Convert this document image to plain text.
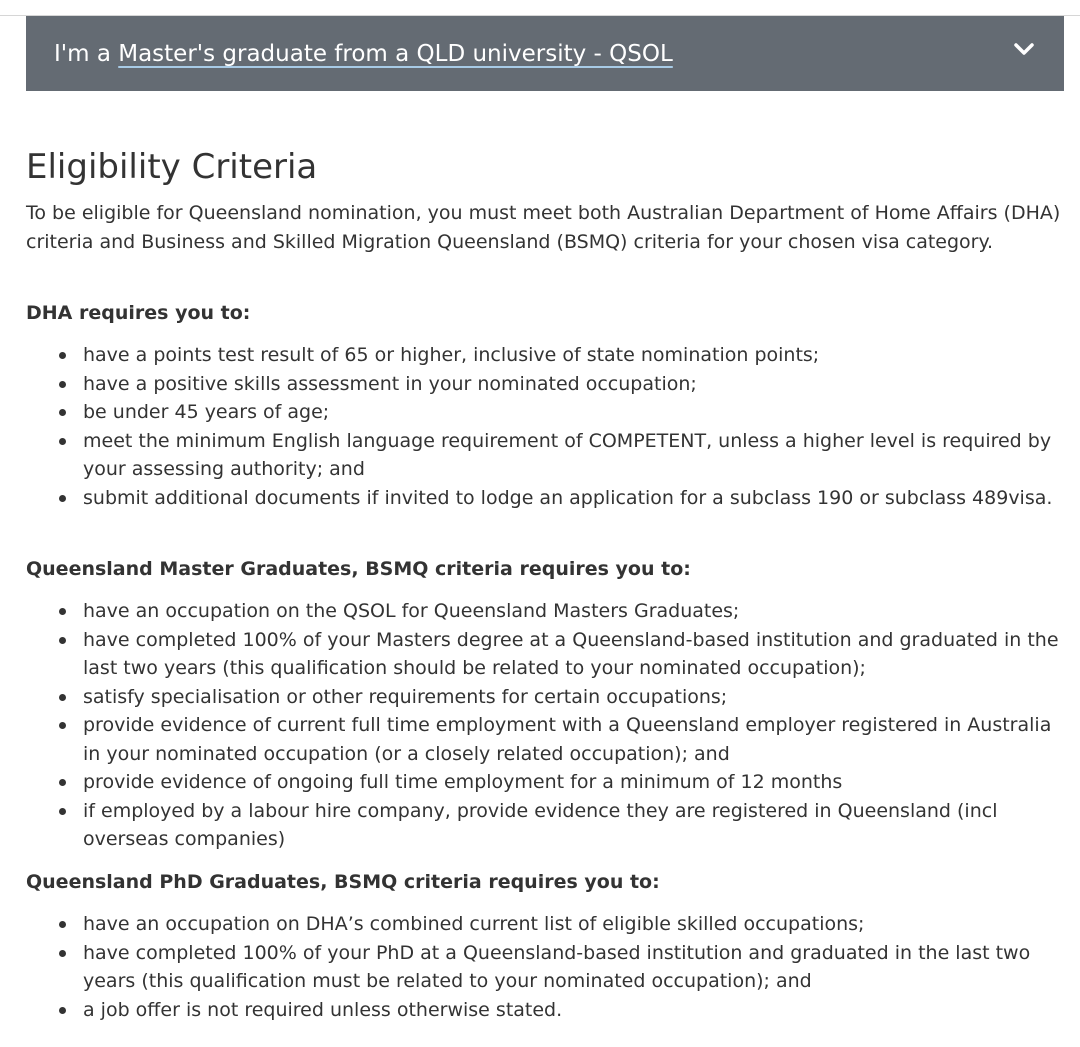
I'm a Master's graduate from a QLD university - QSOL
Eligibility Criteria

To be eligible for Queensland nomination, you must meet both Australian Department of Home Affairs (DHA) criteria and Business and Skilled Migration Queensland (BSMQ) criteria for your chosen visa category.

DHA requires you to:

have a points test result of 65 or higher, inclusive of state nomination points;
have a positive skills assessment in your nominated occupation;
be under 45 years of age;
meet the minimum English language requirement of COMPETENT, unless a higher level is required by your assessing authority; and
submit additional documents if invited to lodge an application for a subclass 190 or subclass 489visa.

Queensland Master Graduates, BSMQ criteria requires you to:

have an occupation on the QSOL for Queensland Masters Graduates;
have completed 100% of your Masters degree at a Queensland-based institution and graduated in the last two years (this qualification should be related to your nominated occupation);
satisfy specialisation or other requirements for certain occupations;
provide evidence of current full time employment with a Queensland employer registered in Australia in your nominated occupation (or a closely related occupation); and
provide evidence of ongoing full time employment for a minimum of 12 months
if employed by a labour hire company, provide evidence they are registered in Queensland (incl overseas companies)

Queensland PhD Graduates, BSMQ criteria requires you to:

have an occupation on DHA’s combined current list of eligible skilled occupations;
have completed 100% of your PhD at a Queensland-based institution and graduated in the last two years (this qualification must be related to your nominated occupation); and
a job offer is not required unless otherwise stated.
